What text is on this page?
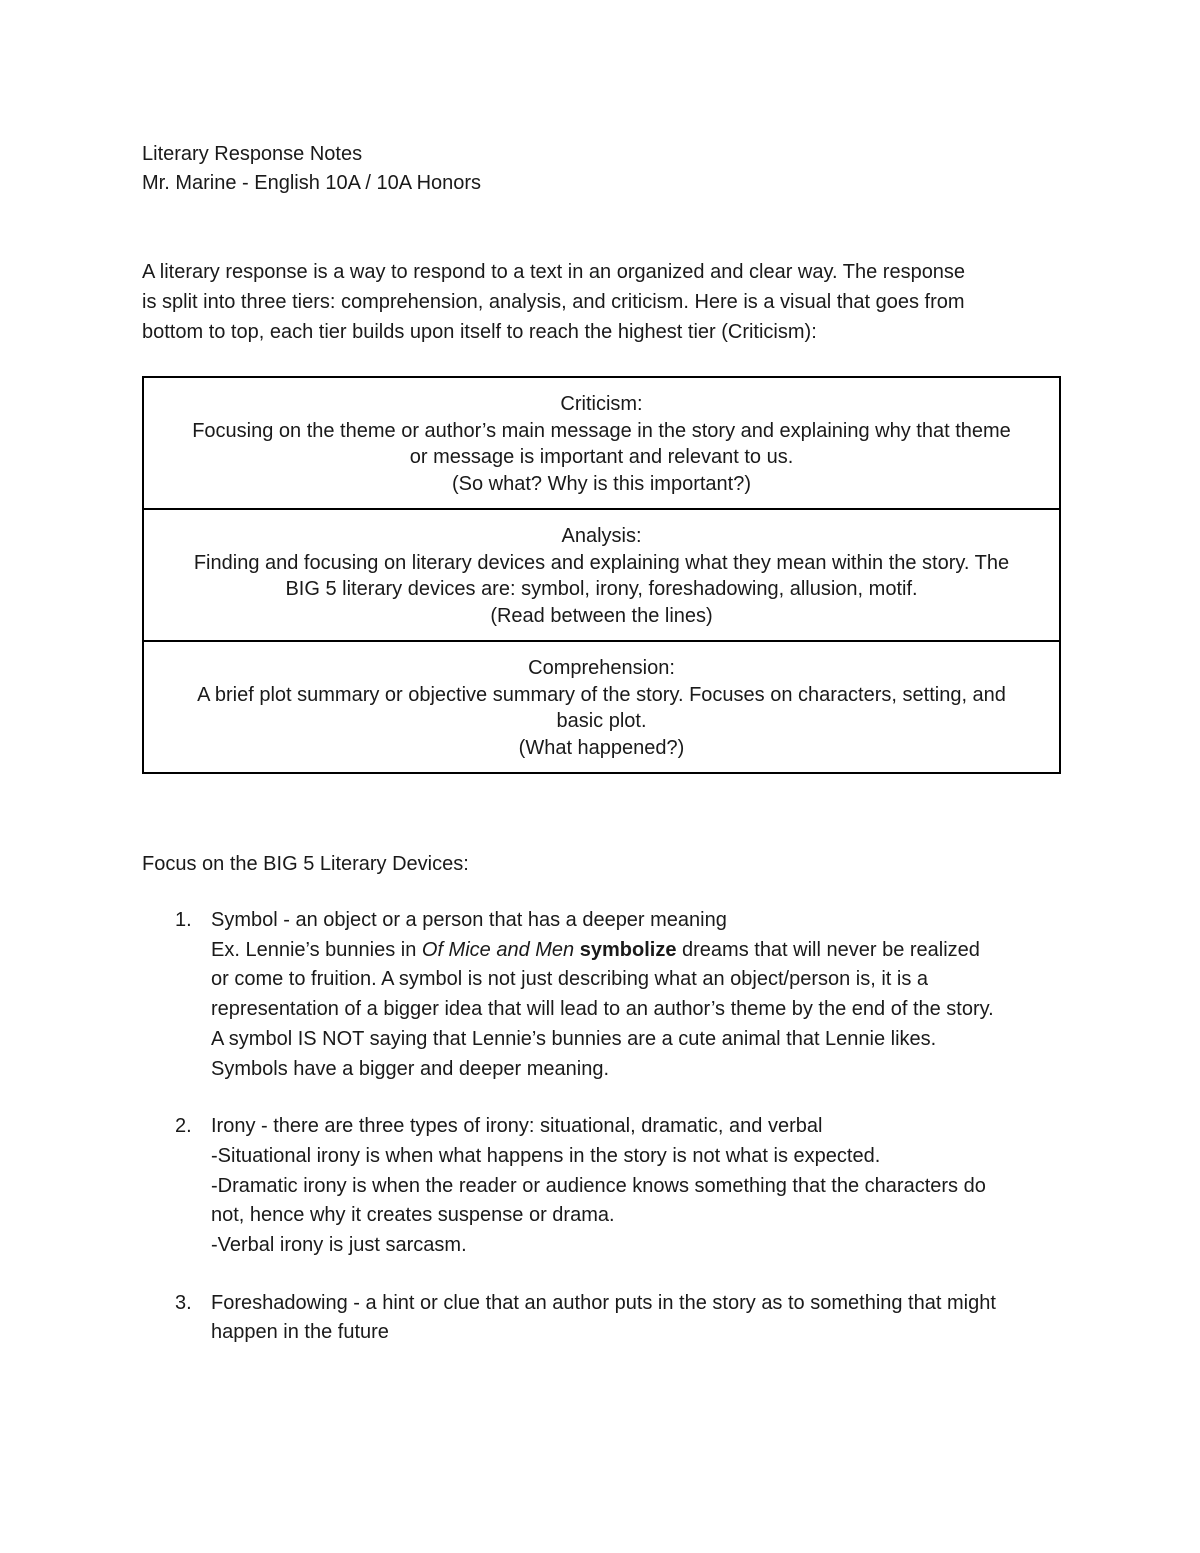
Literary Response Notes
Mr. Marine - English 10A / 10A Honors
A literary response is a way to respond to a text in an organized and clear way. The response
is split into three tiers: comprehension, analysis, and criticism. Here is a visual that goes from
bottom to top, each tier builds upon itself to reach the highest tier (Criticism):
Criticism:
Focusing on the theme or author’s main message in the story and explaining why that theme
or message is important and relevant to us.
(So what? Why is this important?)

Analysis:
Finding and focusing on literary devices and explaining what they mean within the story. The
BIG 5 literary devices are: symbol, irony, foreshadowing, allusion, motif.
(Read between the lines)

Comprehension:
A brief plot summary or objective summary of the story. Focuses on characters, setting, and
basic plot.
(What happened?)
Focus on the BIG 5 Literary Devices:
1. Symbol - an object or a person that has a deeper meaning
Ex. Lennie’s bunnies in Of Mice and Men symbolize dreams that will never be realized
or come to fruition. A symbol is not just describing what an object/person is, it is a
representation of a bigger idea that will lead to an author’s theme by the end of the story.
A symbol IS NOT saying that Lennie’s bunnies are a cute animal that Lennie likes.
Symbols have a bigger and deeper meaning.
2. Irony - there are three types of irony: situational, dramatic, and verbal
-Situational irony is when what happens in the story is not what is expected.
-Dramatic irony is when the reader or audience knows something that the characters do
not, hence why it creates suspense or drama.
-Verbal irony is just sarcasm.
3. Foreshadowing - a hint or clue that an author puts in the story as to something that might
happen in the future
